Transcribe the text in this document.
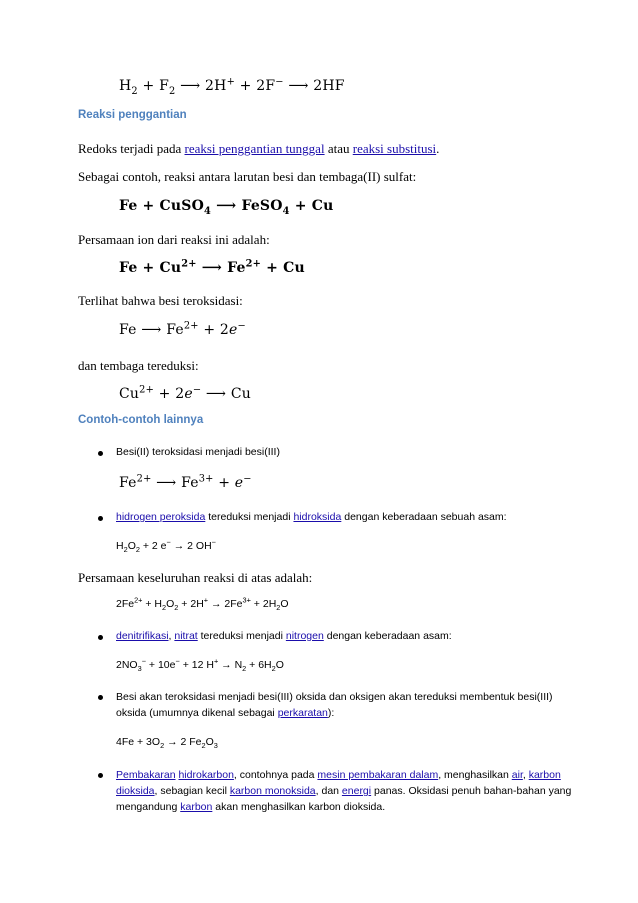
$H_2 + F_2$ ⟶ 2H+ + 2F− ⟶ 2HF
Reaksi penggantian
Redoks terjadi pada reaksi penggantian tunggal atau reaksi substitusi.
Sebagai contoh, reaksi antara larutan besi dan tembaga(II) sulfat:
Fe + CuSO$_4$ ⟶ FeSO$_4$ + Cu
Persamaan ion dari reaksi ini adalah:
$Fe + Cu^{2+}$ ⟶ $Fe^{2+} + Cu$
Terlihat bahwa besi teroksidasi:
Fe ⟶ $Fe^{2+} + 2e^-$
dan tembaga tereduksi:
$Cu^{2+} + 2e^-$ ⟶ Cu
Contoh-contoh lainnya
Besi(II) teroksidasi menjadi besi(III)
$Fe^{2+}$ ⟶ $Fe^{3+} + e^-$
hidrogen peroksida tereduksi menjadi hidroksida dengan keberadaan sebuah asam:
$H_2O_2 + 2$ e− → 2 OH−
Persamaan keseluruhan reaksi di atas adalah:
$2Fe^{2+} + H_2O_2 + 2H^+ \to 2Fe^{3+} + 2H_2O$
denitrifikasi, nitrat tereduksi menjadi nitrogen dengan keberadaan asam:
$2NO_3^- + 10e^- + 12$ $H^+ \to N_2 + 6H_2O$
Besi akan teroksidasi menjadi besi(III) oksida dan oksigen akan tereduksi membentuk besi(III) oksida (umumnya dikenal sebagai perkaratan):
$4Fe + 3O_2 \to 2$ $Fe_2O_3$
Pembakaran hidrokarbon, contohnya pada mesin pembakaran dalam, menghasilkan air, karbon dioksida, sebagian kecil karbon monoksida, dan energi panas. Oksidasi penuh bahan-bahan yang mengandung karbon akan menghasilkan karbon dioksida.
